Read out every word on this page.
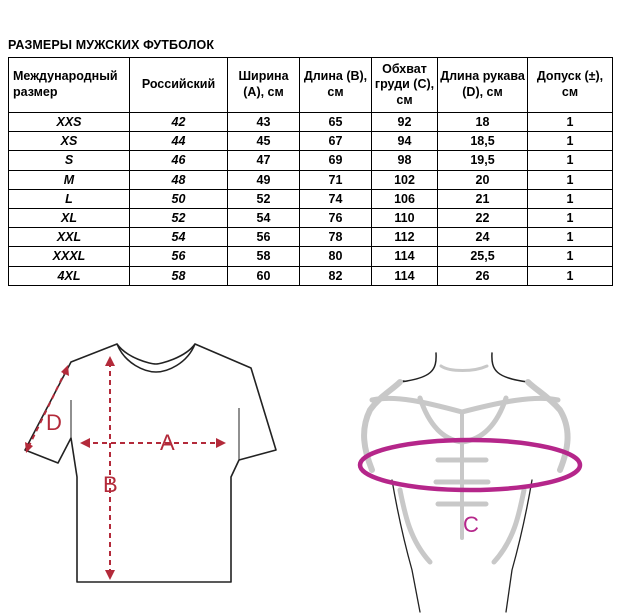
РАЗМЕРЫ МУЖСКИХ ФУТБОЛОК
Международный размер	Российский	Ширина (А), см	Длина (В), см	Обхват груди (С), см	Длина рукава (D), см	Допуск (±), см
XXS	42	43	65	92	18	1
XS	44	45	67	94	18,5	1
S	46	47	69	98	19,5	1
M	48	49	71	102	20	1
L	50	52	74	106	21	1
XL	52	54	76	110	22	1
XXL	54	56	78	112	24	1
XXXL	56	58	80	114	25,5	1
4XL	58	60	82	114	26	1
A
B
D
C
